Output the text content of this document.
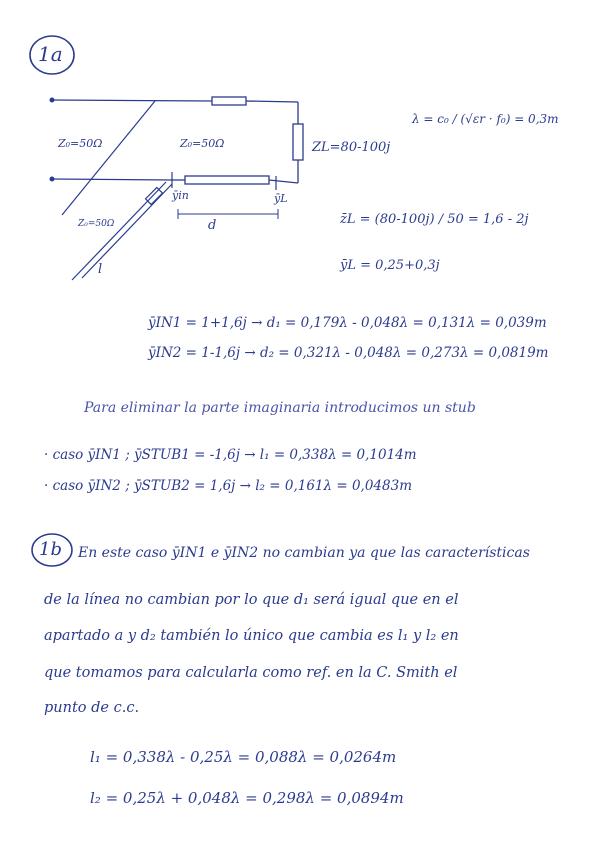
1a
1b
Z₀=50Ω	Z₀=50Ω
Z₀=50Ω
ZL=80-100j
ȳin	ȳL
d
l
λ = c₀ / (√εr · f₀) = 0,3m
z̄L = (80-100j) / 50 = 1,6 - 2j
ȳL = 0,25+0,3j
ȳIN1 = 1+1,6j → d₁ = 0,179λ - 0,048λ = 0,131λ = 0,039m
ȳIN2 = 1-1,6j → d₂ = 0,321λ - 0,048λ = 0,273λ = 0,0819m
Para eliminar la parte imaginaria introducimos un stub
· caso ȳIN1 ; ȳSTUB1 = -1,6j → l₁ = 0,338λ = 0,1014m
· caso ȳIN2 ; ȳSTUB2 = 1,6j → l₂ = 0,161λ = 0,0483m
En este caso ȳIN1 e ȳIN2 no cambian ya que las características
de la línea no cambian por lo que d₁ será igual que en el
apartado a y d₂ también lo único que cambia es l₁ y l₂ en
que tomamos para calcularla como ref. en la C. Smith el
punto de c.c.
l₁ = 0,338λ - 0,25λ = 0,088λ = 0,0264m
l₂ = 0,25λ + 0,048λ = 0,298λ = 0,0894m
